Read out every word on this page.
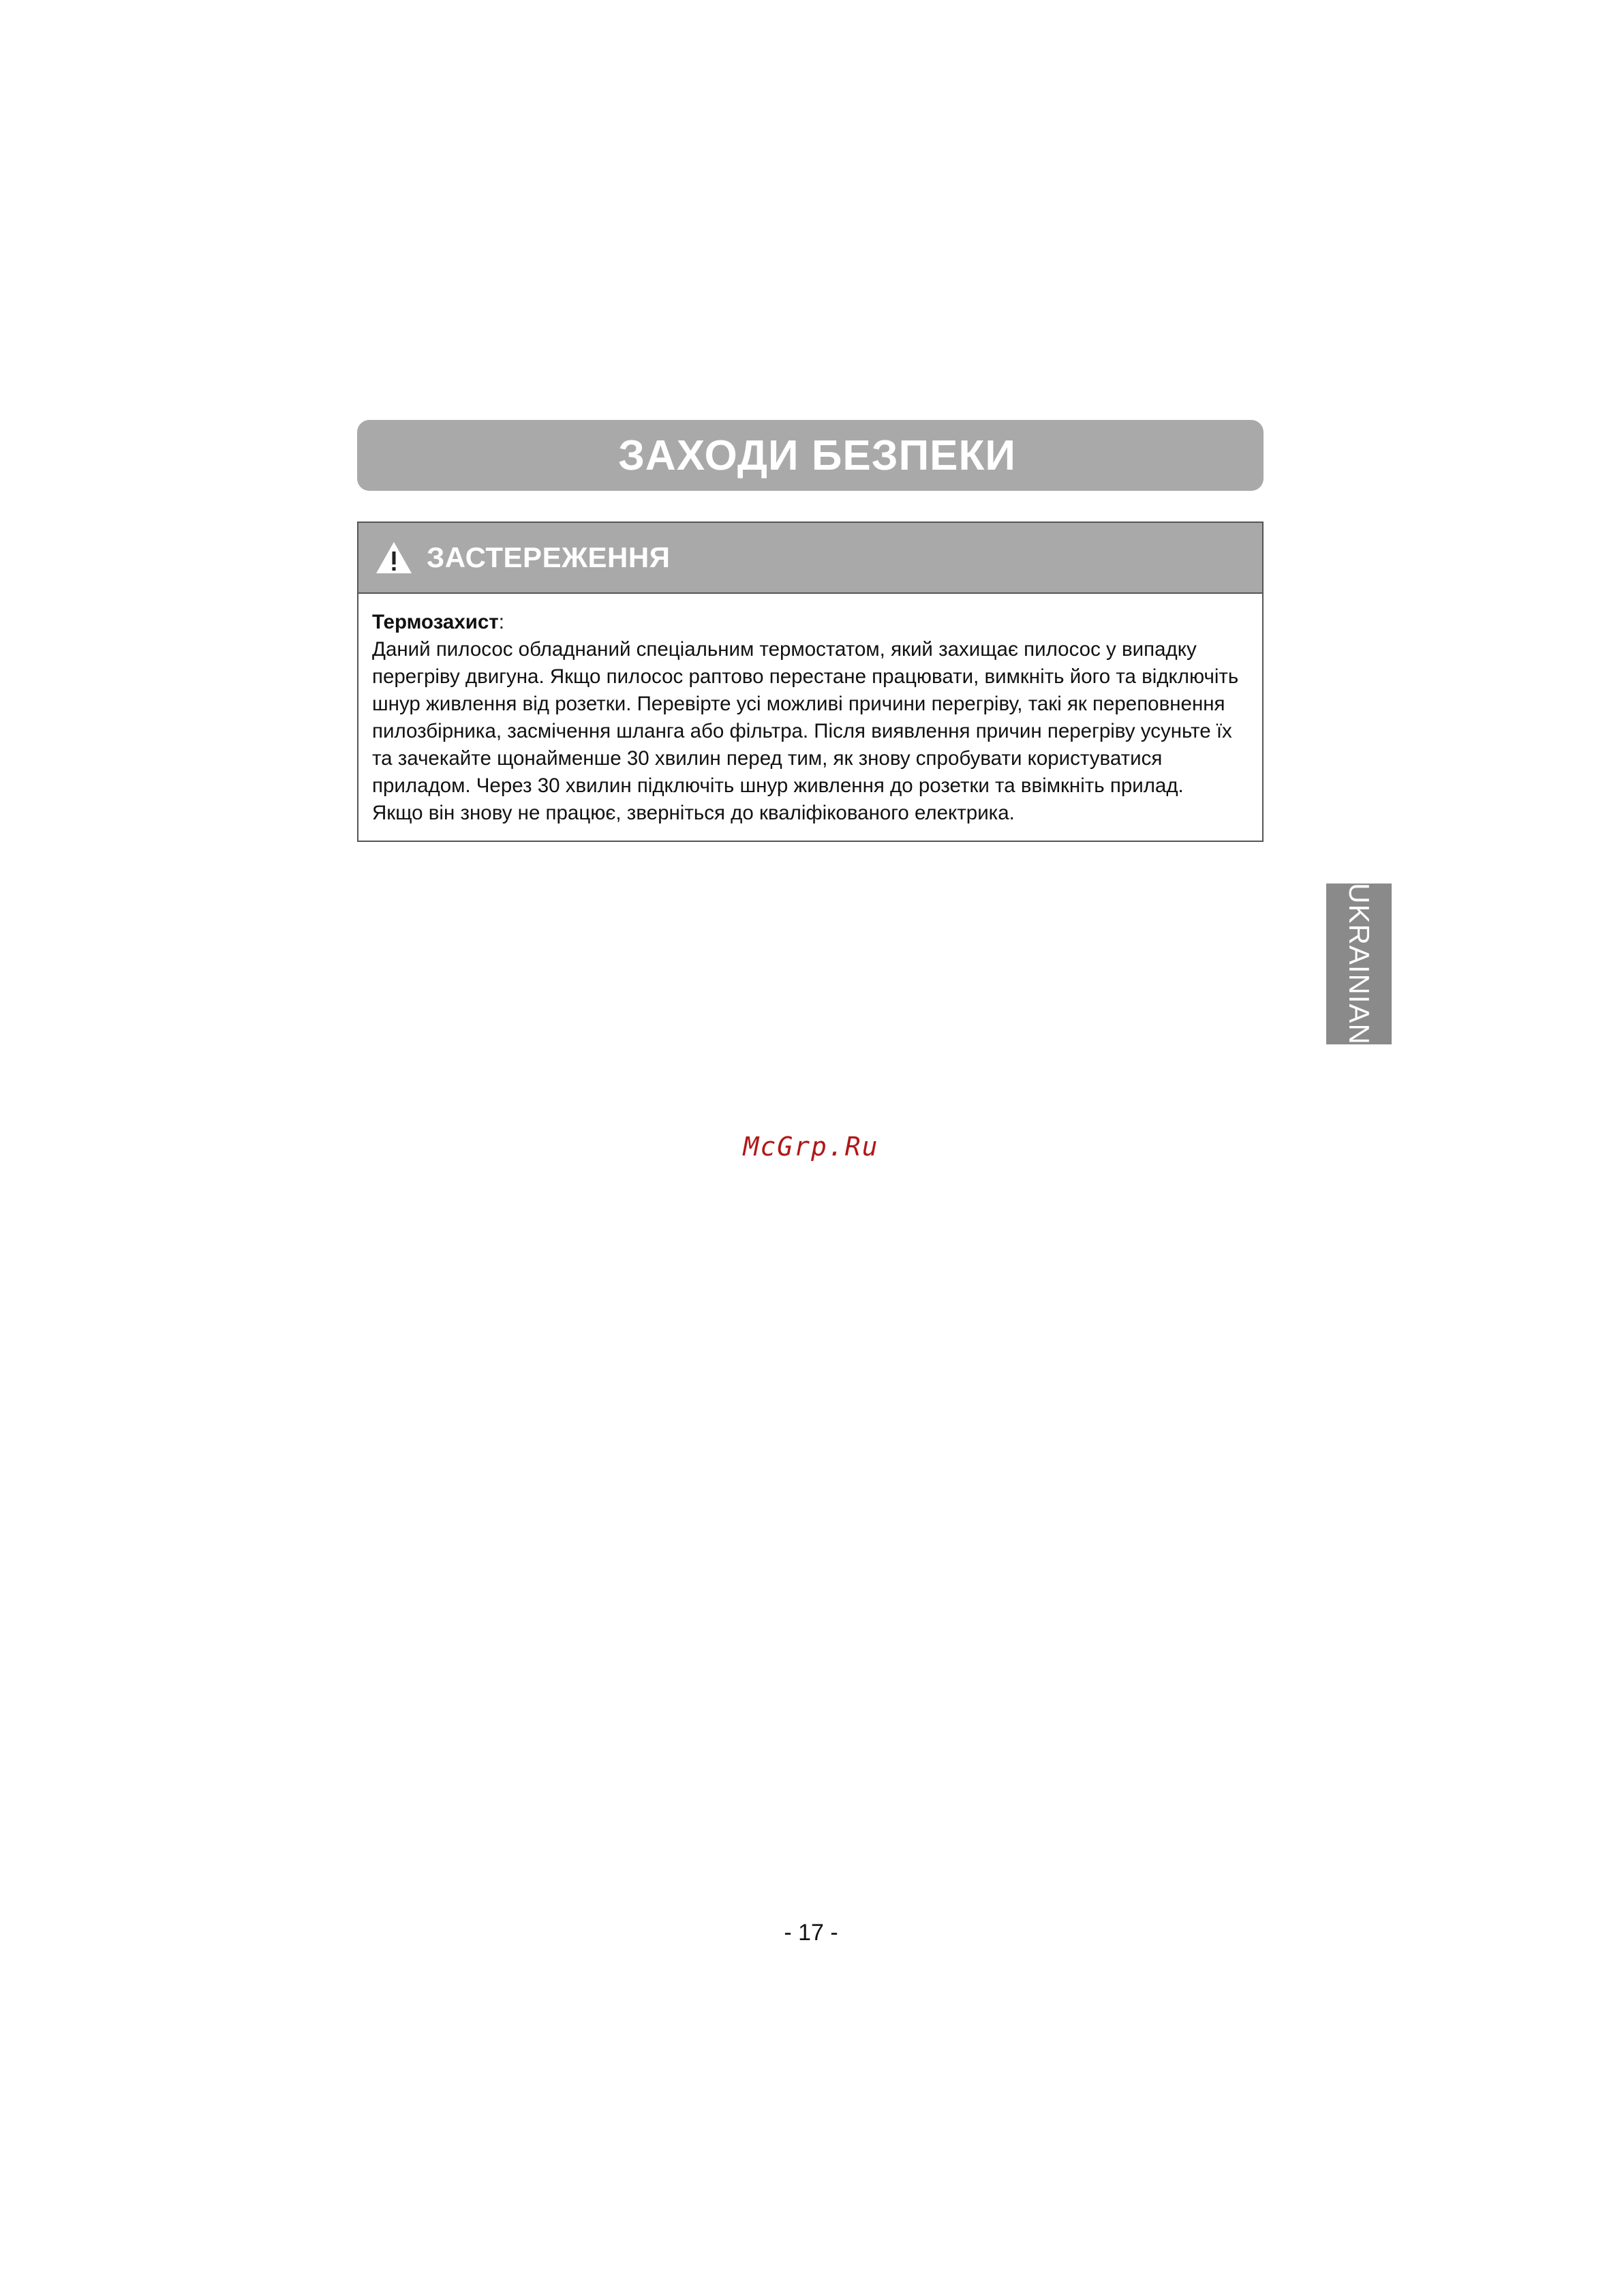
ЗАХОДИ БЕЗПЕКИ
ЗАСТЕРЕЖЕННЯ
Термозахист:
Даний пилосос обладнаний спеціальним термостатом, який захищає пилосос у випадку
перегріву двигуна. Якщо пилосос раптово перестане працювати, вимкніть його та відключіть
шнур живлення від розетки. Перевірте усі можливі причини перегріву, такі як переповнення
пилозбірника, засмічення шланга або фільтра. Після виявлення причин перегріву усуньте їх
та зачекайте щонайменше 30 хвилин перед тим, як знову спробувати користуватися
приладом. Через 30 хвилин підключіть шнур живлення до розетки та ввімкніть прилад.
Якщо він знову не працює, зверніться до кваліфікованого електрика.
UKRAINIAN
McGrp.Ru
- 17 -
